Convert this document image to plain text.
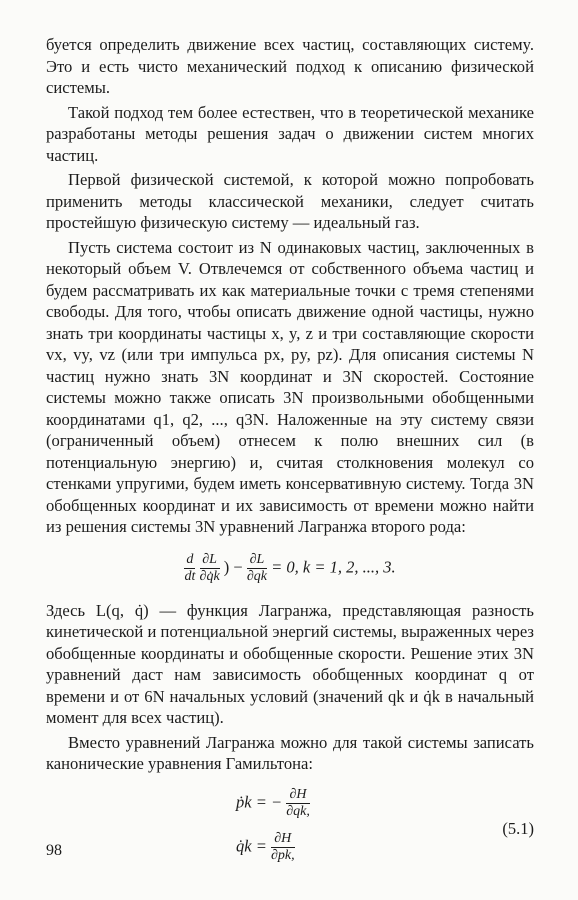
буется определить движение всех частиц, составляющих системy. Это и есть чисто механический подход к описанию физической системы.

Такой подход тем более естествен, что в теоретической механике разработаны методы решения задач о движении систем многих частиц.

Первой физической системой, к которой можно попробовать применить методы классической механики, следует считать простейшую физическую систему — идеальный газ.

Пусть система состоит из N одинаковых частиц, заключенных в некоторый объем V. Отвлечемся от собственного объема частиц и будем рассматривать их как материальные точки с тремя степенями свободы. Для того, чтобы описать движение одной частицы, нужно знать три координаты частицы x, y, z и три составляющие скорости vx, vy, vz (или три импульса px, py, pz). Для описания системы N частиц нужно знать 3N координат и 3N скоростей. Состояние системы можно также описать 3N произвольными обобщенными координатами q1, q2, ..., q3N. Наложенные на эту систему связи (ограниченный объем) отнесем к полю внешних сил (в потенциальную энергию) и, считая столкновения молекул со стенками упругими, будем иметь консервативную систему. Тогда 3N обобщенных координат и их зависимость от времени можно найти из решения системы 3N уравнений Лагранжа второго рода:

$\frac{d}{dt}$
$\frac{\partial L}{\partial q̇k}$ ) − $\frac{\partial L}{\partial qk} = 0$, k = 1, 2, ..., 3.

Здесь L(q, q̇) — функция Лагранжа, представляющая разность кинетической и потенциальной энергий системы, выраженных через обобщенные координаты и обобщенные скорости. Решение этих 3N уравнений даст нам зависимость обобщенных координат q от времени и от 6N начальных условий (значений qk и q̇k в начальный момент для всех частиц).

Вместо уравнений Лагранжа можно для такой системы записать канонические уравнения Гамильтона:

ṗk = − $\frac{\partial H}{\partial qk,}$
q̇k = $\frac{\partial H}{\partial pk,}$
(5.1)
98
